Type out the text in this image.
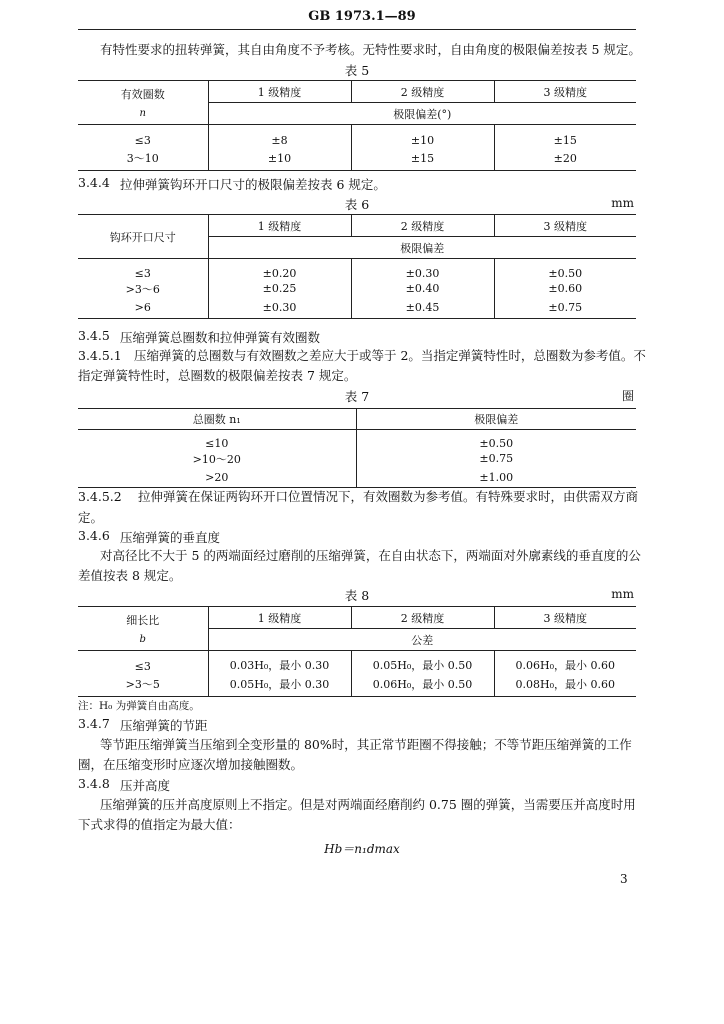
GB 1973.1—89
有特性要求的扭转弹簧，其自由角度不予考核。无特性要求时，自由角度的极限偏差按表 5 规定。
表 5
有效圈数
n	1 级精度	2 级精度	3 级精度
	极限偏差(°)		
≤3	±8	±10	±15
3～10	±10	±15	±20
3.4.4 拉伸弹簧钩环开口尺寸的极限偏差按表 6 规定。
表 6	mm
钩环开口尺寸	1 级精度	2 级精度	3 级精度
	极限偏差		
≤3	±0.20	±0.30	±0.50
>3～6	±0.25	±0.40	±0.60
>6	±0.30	±0.45	±0.75
3.4.5 压缩弹簧总圈数和拉伸弹簧有效圈数
3.4.5.1 压缩弹簧的总圈数与有效圈数之差应大于或等于 2。当指定弹簧特性时，总圈数为参考值。不
指定弹簧特性时，总圈数的极限偏差按表 7 规定。
表 7	圈
总圈数 n₁	极限偏差
≤10	±0.50
>10～20	±0.75
>20	±1.00
3.4.5.2 拉伸弹簧在保证两钩环开口位置情况下，有效圈数为参考值。有特殊要求时，由供需双方商
定。
3.4.6 压缩弹簧的垂直度
对高径比不大于 5 的两端面经过磨削的压缩弹簧，在自由状态下，两端面对外廓素线的垂直度的公
差值按表 8 规定。
表 8	mm
细长比
b	1 级精度	2 级精度	3 级精度
	公差		
≤3	0.03H₀，最小 0.30	0.05H₀，最小 0.50	0.06H₀，最小 0.60
>3～5	0.05H₀，最小 0.30	0.06H₀，最小 0.50	0.08H₀，最小 0.60
注：H₀ 为弹簧自由高度。
3.4.7 压缩弹簧的节距
等节距压缩弹簧当压缩到全变形量的 80%时，其正常节距圈不得接触；不等节距压缩弹簧的工作
圈，在压缩变形时应逐次增加接触圈数。
3.4.8 压并高度
压缩弹簧的压并高度原则上不指定。但是对两端面经磨削约 0.75 圈的弹簧，当需要压并高度时用
下式求得的值指定为最大值：
Hb＝n₁dmax
3
